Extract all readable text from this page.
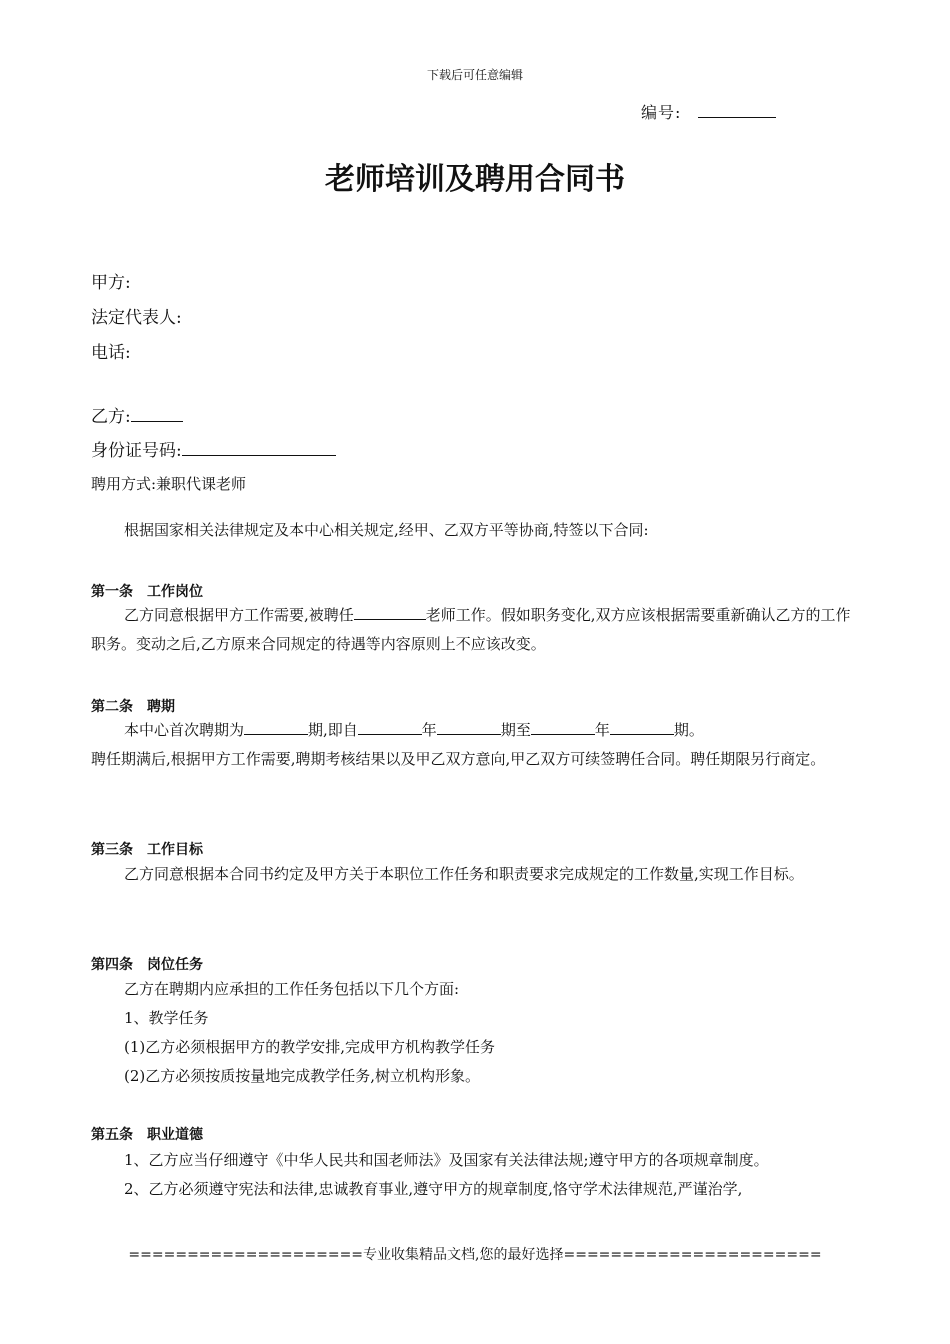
下载后可任意编辑
编号:
老师培训及聘用合同书
甲方:
法定代表人:
电话:
乙方:
身份证号码:
聘用方式:兼职代课老师
根据国家相关法律规定及本中心相关规定,经甲、乙双方平等协商,特签以下合同:
第一条 工作岗位
乙方同意根据甲方工作需要,被聘任	老师工作。假如职务变化,双方应该根据需要重新确认乙方的工作职务。变动之后,乙方原来合同规定的待遇等内容原则上不应该改变。
第二条 聘期
本中心首次聘期为	期,即自	年	期至	年	期。
聘任期满后,根据甲方工作需要,聘期考核结果以及甲乙双方意向,甲乙双方可续签聘任合同。聘任期限另行商定。
第三条 工作目标
乙方同意根据本合同书约定及甲方关于本职位工作任务和职责要求完成规定的工作数量,实现工作目标。
第四条 岗位任务
乙方在聘期内应承担的工作任务包括以下几个方面:
1、教学任务
(1)乙方必须根据甲方的教学安排,完成甲方机构教学任务
(2)乙方必须按质按量地完成教学任务,树立机构形象。
第五条 职业道德
1、乙方应当仔细遵守《中华人民共和国老师法》及国家有关法律法规;遵守甲方的各项规章制度。
2、乙方必须遵守宪法和法律,忠诚教育事业,遵守甲方的规章制度,恪守学术法律规范,严谨治学,
====================专业收集精品文档,您的最好选择======================
